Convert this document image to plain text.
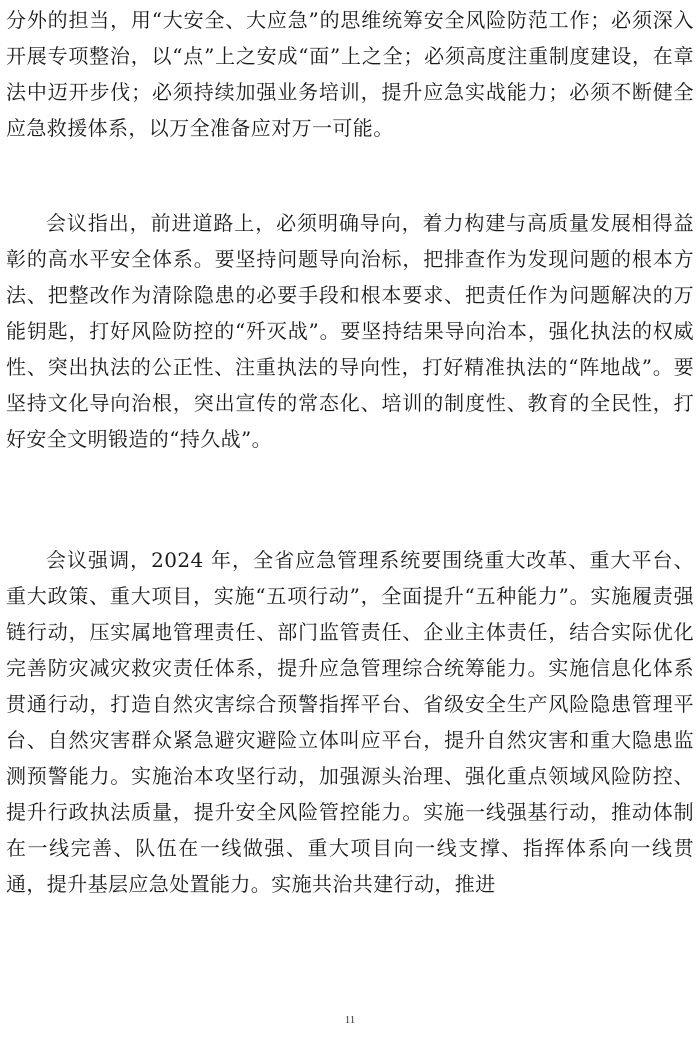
分外的担当，用“大安全、大应急”的思维统筹安全风险防范工作；必须深入开展专项整治，以“点”上之安成“面”上之全；必须高度注重制度建设，在章法中迈开步伐；必须持续加强业务培训，提升应急实战能力；必须不断健全应急救援体系，以万全准备应对万一可能。

会议指出，前进道路上，必须明确导向，着力构建与高质量发展相得益彰的高水平安全体系。要坚持问题导向治标，把排查作为发现问题的根本方法、把整改作为清除隐患的必要手段和根本要求、把责任作为问题解决的万能钥匙，打好风险防控的“歼灭战”。要坚持结果导向治本，强化执法的权威性、突出执法的公正性、注重执法的导向性，打好精准执法的“阵地战”。要坚持文化导向治根，突出宣传的常态化、培训的制度性、教育的全民性，打好安全文明锻造的“持久战”。

会议强调，2024 年，全省应急管理系统要围绕重大改革、重大平台、重大政策、重大项目，实施“五项行动”，全面提升“五种能力”。实施履责强链行动，压实属地管理责任、部门监管责任、企业主体责任，结合实际优化完善防灾减灾救灾责任体系，提升应急管理综合统筹能力。实施信息化体系贯通行动，打造自然灾害综合预警指挥平台、省级安全生产风险隐患管理平台、自然灾害群众紧急避灾避险立体叫应平台，提升自然灾害和重大隐患监测预警能力。实施治本攻坚行动，加强源头治理、强化重点领域风险防控、提升行政执法质量，提升安全风险管控能力。实施一线强基行动，推动体制在一线完善、队伍在一线做强、重大项目向一线支撑、指挥体系向一线贯通，提升基层应急处置能力。实施共治共建行动，推进

11
